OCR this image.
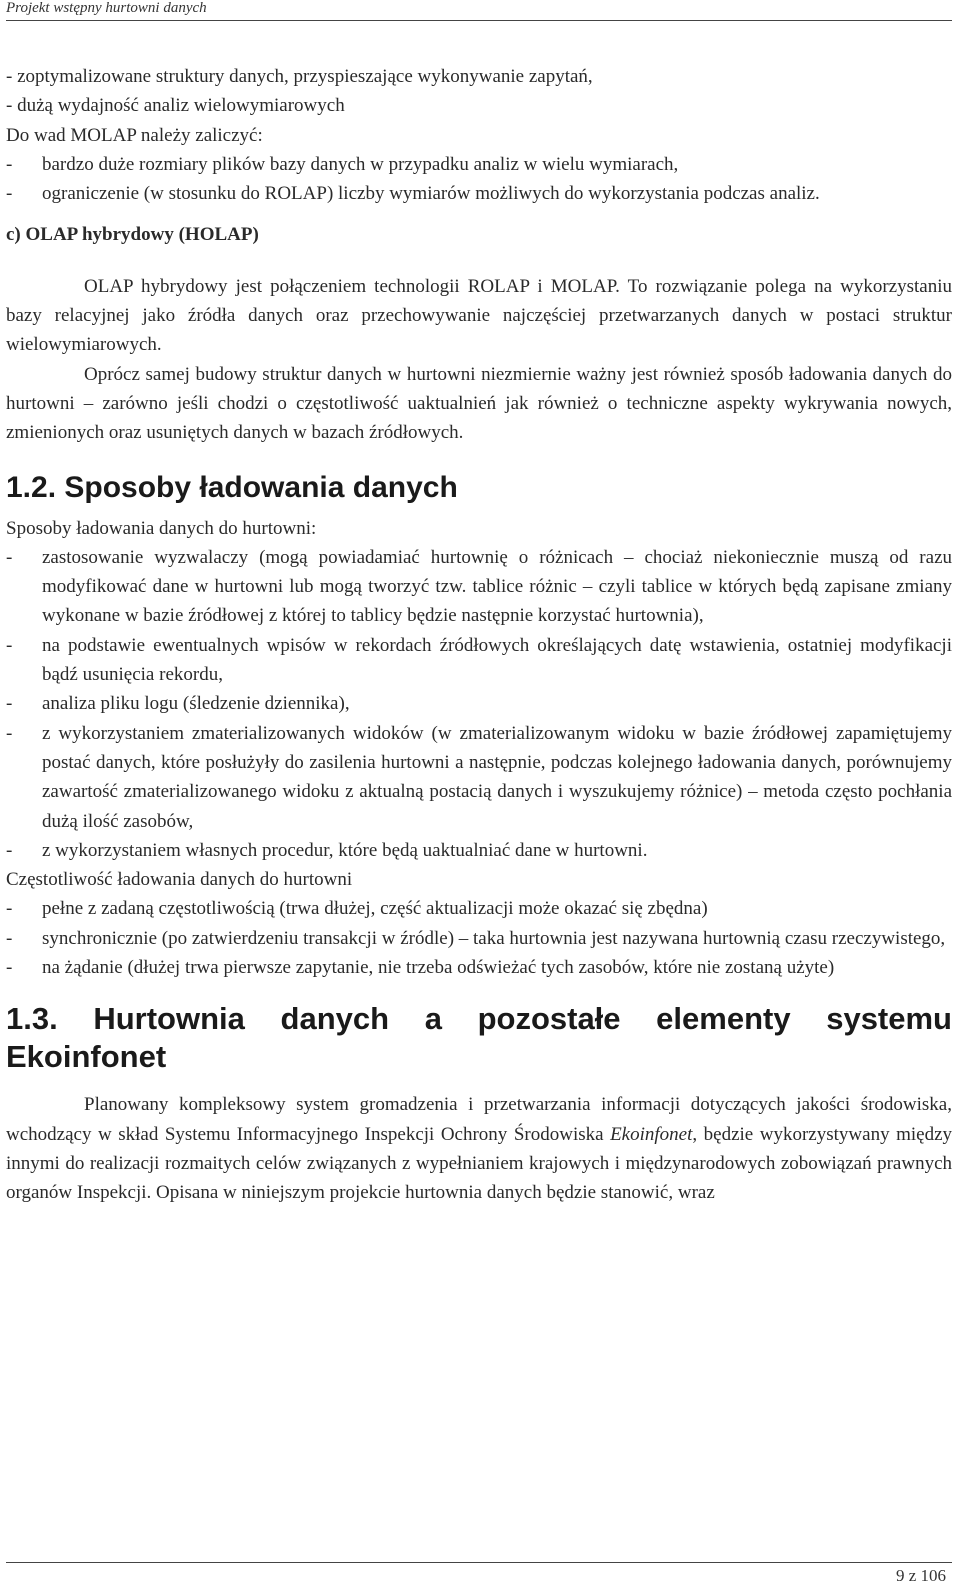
Projekt wstępny hurtowni danych

- zoptymalizowane struktury danych, przyspieszające wykonywanie zapytań,

- dużą wydajność analiz wielowymiarowych

Do wad MOLAP należy zaliczyć:

-	bardzo duże rozmiary plików bazy danych w przypadku analiz w wielu wymiarach,
-	ograniczenie (w stosunku do ROLAP) liczby wymiarów możliwych do wykorzystania podczas analiz.

c) OLAP hybrydowy (HOLAP)

OLAP hybrydowy jest połączeniem technologii ROLAP i MOLAP. To rozwiązanie polega na wykorzystaniu bazy relacyjnej jako źródła danych oraz przechowywanie najczęściej przetwarzanych danych w postaci struktur wielowymiarowych.

Oprócz samej budowy struktur danych w hurtowni niezmiernie ważny jest również sposób ładowania danych do hurtowni – zarówno jeśli chodzi o częstotliwość uaktualnień jak również o techniczne aspekty wykrywania nowych, zmienionych oraz usuniętych danych w bazach źródłowych.

1.2. Sposoby ładowania danych

Sposoby ładowania danych do hurtowni:

-	zastosowanie wyzwalaczy (mogą powiadamiać hurtownię o różnicach – chociaż niekoniecznie muszą od razu modyfikować dane w hurtowni lub mogą tworzyć tzw. tablice różnic – czyli tablice w których będą zapisane zmiany wykonane w bazie źródłowej z której to tablicy będzie następnie korzystać hurtownia),
-	na podstawie ewentualnych wpisów w rekordach źródłowych określających datę wstawienia, ostatniej modyfikacji bądź usunięcia rekordu,
-	analiza pliku logu (śledzenie dziennika),
-	z wykorzystaniem zmaterializowanych widoków (w zmaterializowanym widoku w bazie źródłowej zapamiętujemy postać danych, które posłużyły do zasilenia hurtowni a następnie, podczas kolejnego ładowania danych, porównujemy zawartość zmaterializowanego widoku z aktualną postacią danych i wyszukujemy różnice) – metoda często pochłania dużą ilość zasobów,
-	z wykorzystaniem własnych procedur, które będą uaktualniać dane w hurtowni.

Częstotliwość ładowania danych do hurtowni

-	pełne z zadaną częstotliwością (trwa dłużej, część aktualizacji może okazać się zbędna)
-	synchronicznie (po zatwierdzeniu transakcji w źródle) – taka hurtownia jest nazywana hurtownią czasu rzeczywistego,
-	na żądanie (dłużej trwa pierwsze zapytanie, nie trzeba odświeżać tych zasobów, które nie zostaną użyte)
1.3. Hurtownia danych a pozostałe elementy systemu Ekoinfonet

Planowany kompleksowy system gromadzenia i przetwarzania informacji dotyczących jakości środowiska, wchodzący w skład Systemu Informacyjnego Inspekcji Ochrony Środowiska Ekoinfonet, będzie wykorzystywany między innymi do realizacji rozmaitych celów związanych z wypełnianiem krajowych i międzynarodowych zobowiązań prawnych organów Inspekcji. Opisana w niniejszym projekcie hurtownia danych będzie stanowić, wraz

9 z 106
